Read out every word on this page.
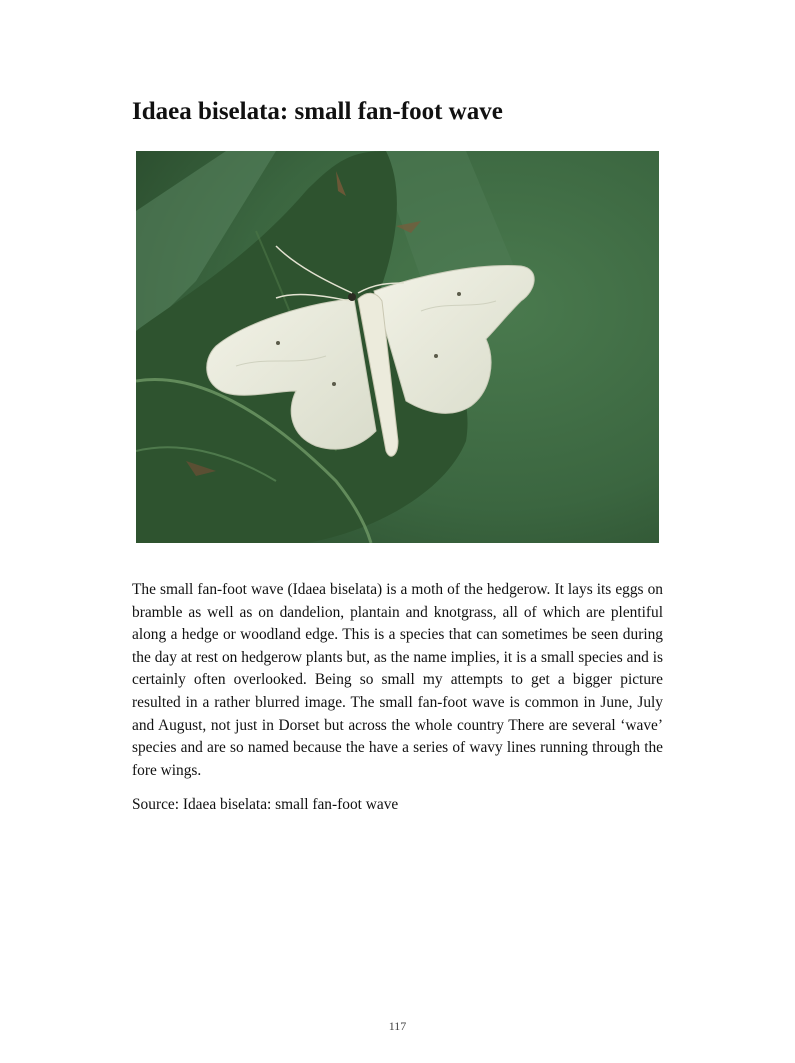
Idaea biselata: small fan-foot wave

The small fan-foot wave (Idaea biselata) is a moth of the hedgerow. It lays its eggs on bramble as well as on dandelion, plantain and knotgrass, all of which are plentiful along a hedge or woodland edge. This is a species that can sometimes be seen during the day at rest on hedgerow plants but, as the name implies, it is a small species and is certainly often overlooked. Being so small my attempts to get a bigger picture resulted in a rather blurred image. The small fan-foot wave is common in June, July and August, not just in Dorset but across the whole country There are several ‘wave’ species and are so named because the have a series of wavy lines running through the fore wings.

Source: Idaea biselata: small fan-foot wave

117
